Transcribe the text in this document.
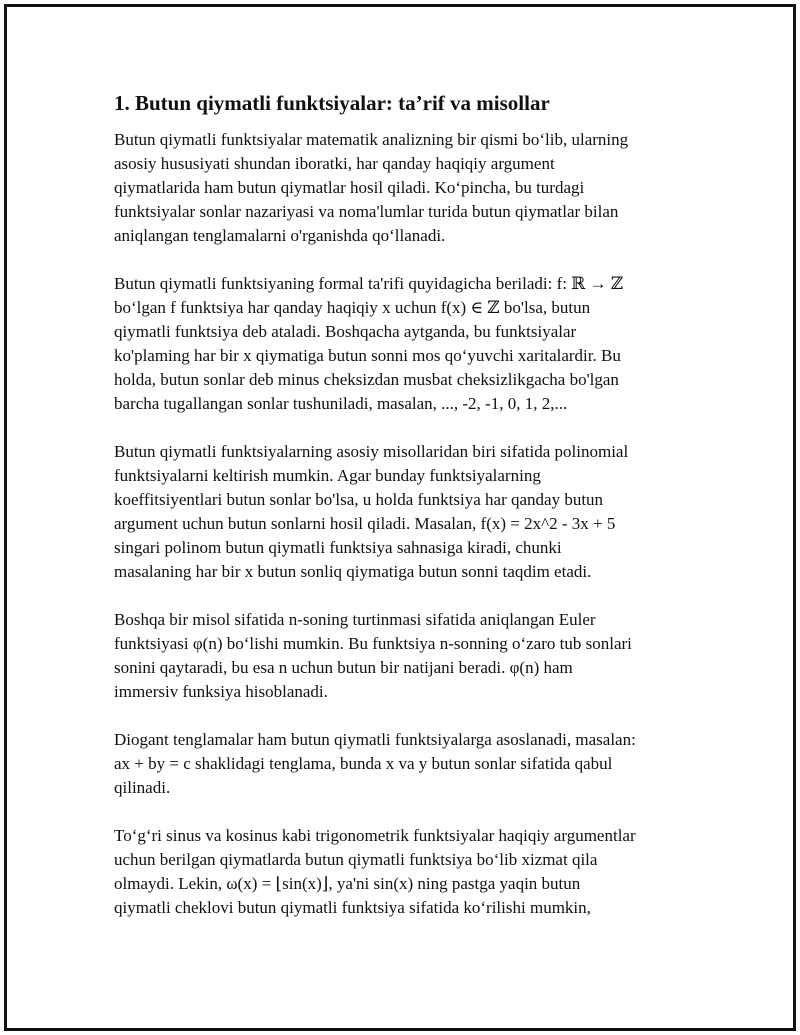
1. Butun qiymatli funktsiyalar: ta’rif va misollar

Butun qiymatli funktsiyalar matematik analizning bir qismi bo‘lib, ularning
asosiy hususiyati shundan iboratki, har qanday haqiqiy argument
qiymatlarida ham butun qiymatlar hosil qiladi. Ko‘pincha, bu turdagi
funktsiyalar sonlar nazariyasi va noma'lumlar turida butun qiymatlar bilan
aniqlangan tenglamalarni o'rganishda qo‘llanadi.

Butun qiymatli funktsiyaning formal ta'rifi quyidagicha beriladi: f: ℝ → ℤ
bo‘lgan f funktsiya har qanday haqiqiy x uchun f(x) ∈ ℤ bo'lsa, butun
qiymatli funktsiya deb ataladi. Boshqacha aytganda, bu funktsiyalar
ko'plaming har bir x qiymatiga butun sonni mos qo‘yuvchi xaritalardir. Bu
holda, butun sonlar deb minus cheksizdan musbat cheksizlikgacha bo'lgan
barcha tugallangan sonlar tushuniladi, masalan, ..., -2, -1, 0, 1, 2,...

Butun qiymatli funktsiyalarning asosiy misollaridan biri sifatida polinomial
funktsiyalarni keltirish mumkin. Agar bunday funktsiyalarning
koeffitsiyentlari butun sonlar bo'lsa, u holda funktsiya har qanday butun
argument uchun butun sonlarni hosil qiladi. Masalan, f(x) = 2x^2 - 3x + 5
singari polinom butun qiymatli funktsiya sahnasiga kiradi, chunki
masalaning har bir x butun sonliq qiymatiga butun sonni taqdim etadi.

Boshqa bir misol sifatida n-soning turtinmasi sifatida aniqlangan Euler
funktsiyasi φ(n) bo‘lishi mumkin. Bu funktsiya n-sonning o‘zaro tub sonlari
sonini qaytaradi, bu esa n uchun butun bir natijani beradi. φ(n) ham
immersiv funksiya hisoblanadi.

Diogant tenglamalar ham butun qiymatli funktsiyalarga asoslanadi, masalan:
ax + by = c shaklidagi tenglama, bunda x va y butun sonlar sifatida qabul
qilinadi.

To‘g‘ri sinus va kosinus kabi trigonometrik funktsiyalar haqiqiy argumentlar
uchun berilgan qiymatlarda butun qiymatli funktsiya bo‘lib xizmat qila
olmaydi. Lekin, ω(x) = ⌊sin(x)⌋, ya'ni sin(x) ning pastga yaqin butun
qiymatli cheklovi butun qiymatli funktsiya sifatida ko‘rilishi mumkin,
